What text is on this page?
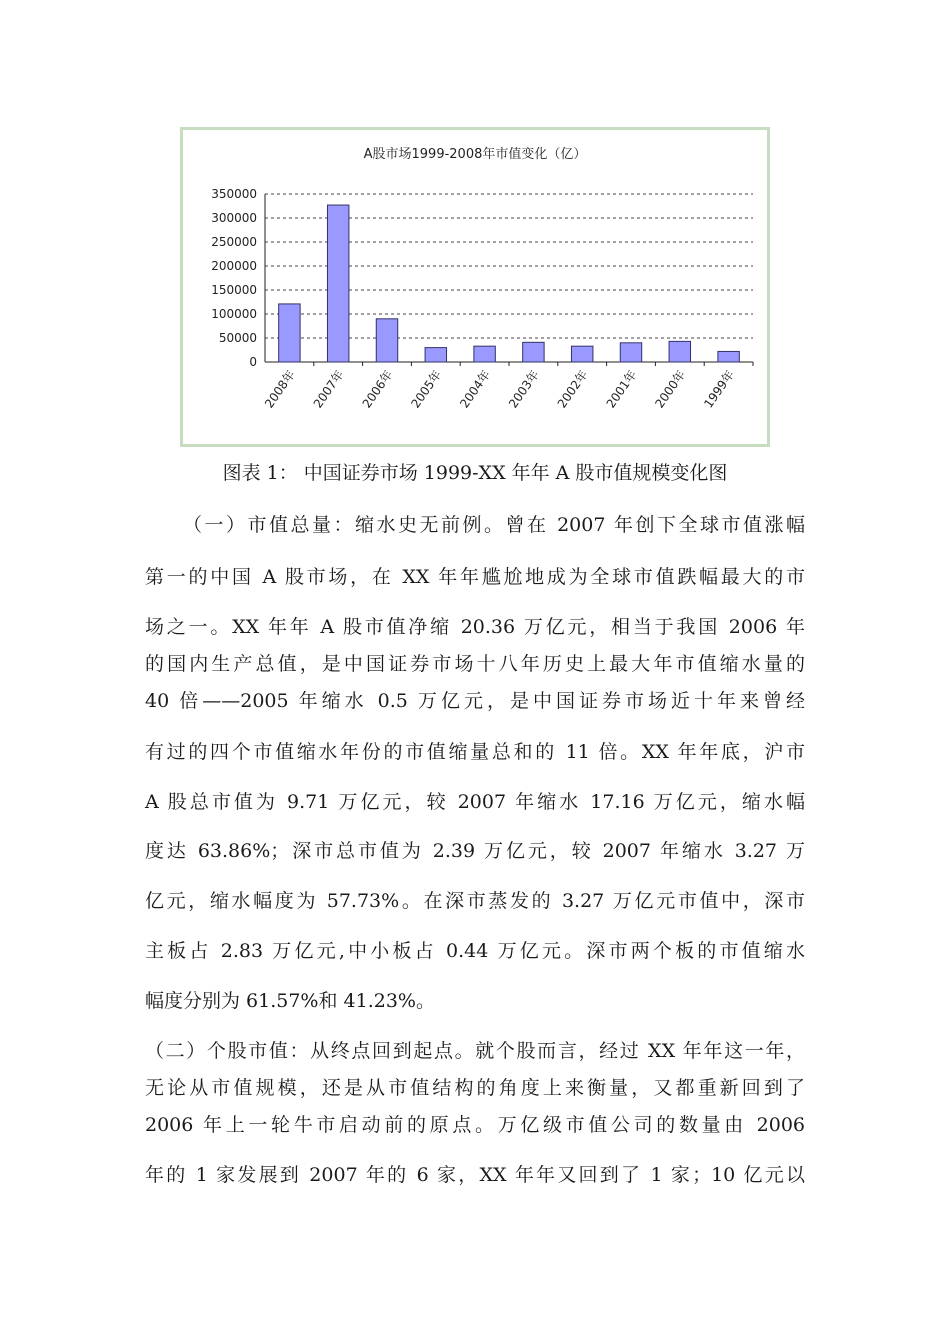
A股市场1999-2008年市值变化（亿）
350000
300000
250000
200000
150000
100000
50000
0
2008年 2007年 2006年 2005年 2004年 2003年 2002年 2001年 2000年 1999年
图表 1： 中国证券市场 1999-XX 年年 A 股市值规模变化图
（一）市值总量：缩水史无前例。曾在 2007 年创下全球市值涨幅
第一的中国 A 股市场，在 XX 年年尴尬地成为全球市值跌幅最大的市
场之一。XX 年年 A 股市值净缩 20.36 万亿元，相当于我国 2006 年
的国内生产总值，是中国证券市场十八年历史上最大年市值缩水量的
40 倍——2005 年缩水 0.5 万亿元，是中国证券市场近十年来曾经
有过的四个市值缩水年份的市值缩量总和的 11 倍。XX 年年底，沪市
A 股总市值为 9.71 万亿元，较 2007 年缩水 17.16 万亿元，缩水幅
度达 63.86%；深市总市值为 2.39 万亿元，较 2007 年缩水 3.27 万
亿元，缩水幅度为 57.73%。在深市蒸发的 3.27 万亿元市值中，深市
主板占 2.83 万亿元,中小板占 0.44 万亿元。深市两个板的市值缩水
幅度分别为 61.57%和 41.23%。
（二）个股市值：从终点回到起点。就个股而言，经过 XX 年年这一年，
无论从市值规模，还是从市值结构的角度上来衡量，又都重新回到了
2006 年上一轮牛市启动前的原点。万亿级市值公司的数量由 2006
年的 1 家发展到 2007 年的 6 家，XX 年年又回到了 1 家；10 亿元以
